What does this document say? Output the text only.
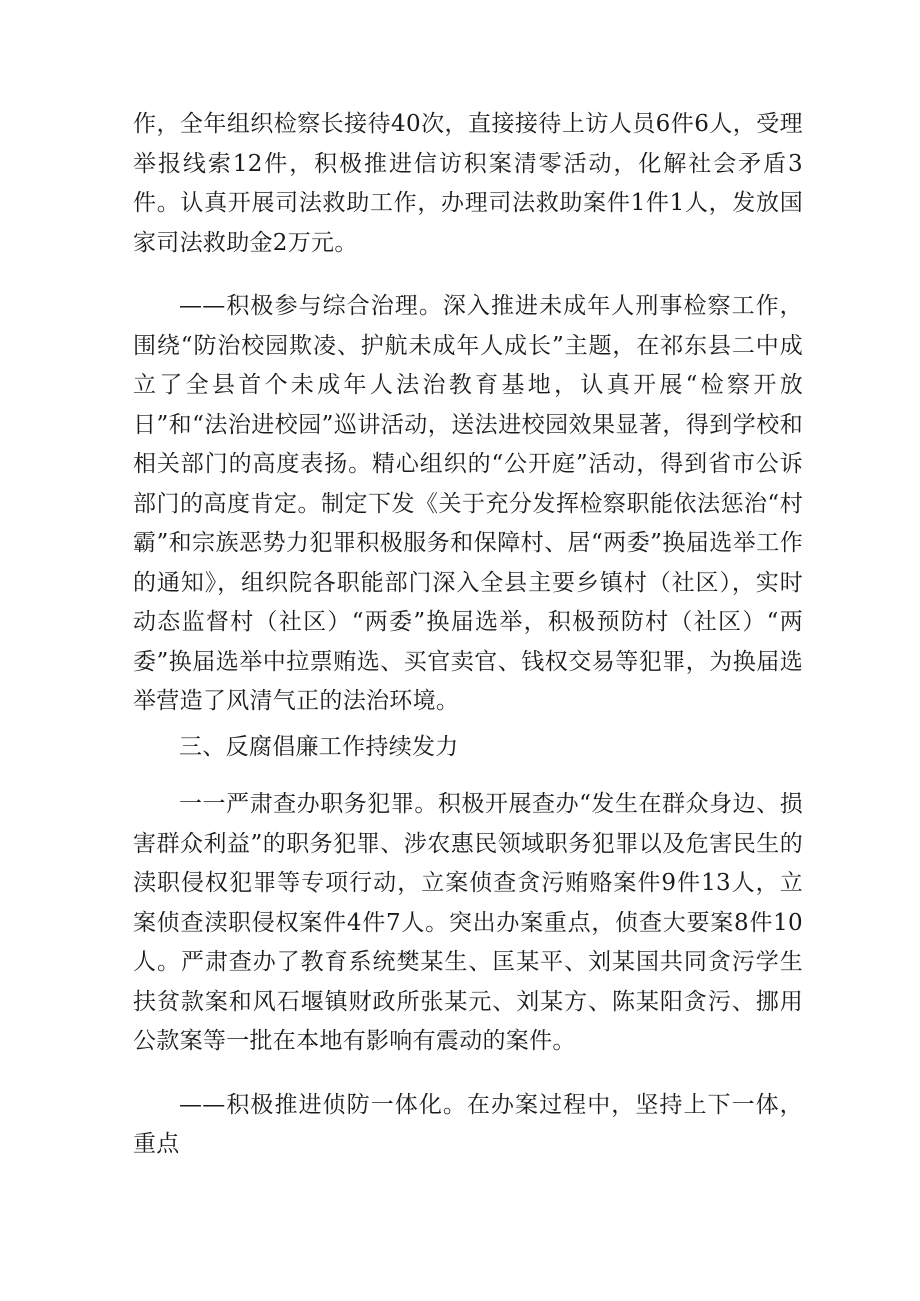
作，全年组织检察长接待40次，直接接待上访人员6件6人，受理举报线索12件，积极推进信访积案清零活动，化解社会矛盾3件。认真开展司法救助工作，办理司法救助案件1件1人，发放国家司法救助金2万元。

——积极参与综合治理。深入推进未成年人刑事检察工作，围绕“防治校园欺凌、护航未成年人成长”主题，在祁东县二中成立了全县首个未成年人法治教育基地，认真开展“检察开放日”和“法治进校园”巡讲活动，送法进校园效果显著，得到学校和相关部门的高度表扬。精心组织的“公开庭”活动，得到省市公诉部门的高度肯定。制定下发《关于充分发挥检察职能依法惩治“村霸”和宗族恶势力犯罪积极服务和保障村、居“两委”换届选举工作的通知》，组织院各职能部门深入全县主要乡镇村（社区），实时动态监督村（社区）“两委”换届选举，积极预防村（社区）“两委”换届选举中拉票贿选、买官卖官、钱权交易等犯罪，为换届选举营造了风清气正的法治环境。

三、反腐倡廉工作持续发力

一一严肃查办职务犯罪。积极开展查办“发生在群众身边、损害群众利益”的职务犯罪、涉农惠民领域职务犯罪以及危害民生的渎职侵权犯罪等专项行动，立案侦查贪污贿赂案件9件13人，立案侦查渎职侵权案件4件7人。突出办案重点，侦查大要案8件10人。严肃查办了教育系统樊某生、匡某平、刘某国共同贪污学生扶贫款案和风石堰镇财政所张某元、刘某方、陈某阳贪污、挪用公款案等一批在本地有影响有震动的案件。

——积极推进侦防一体化。在办案过程中，坚持上下一体，重点
